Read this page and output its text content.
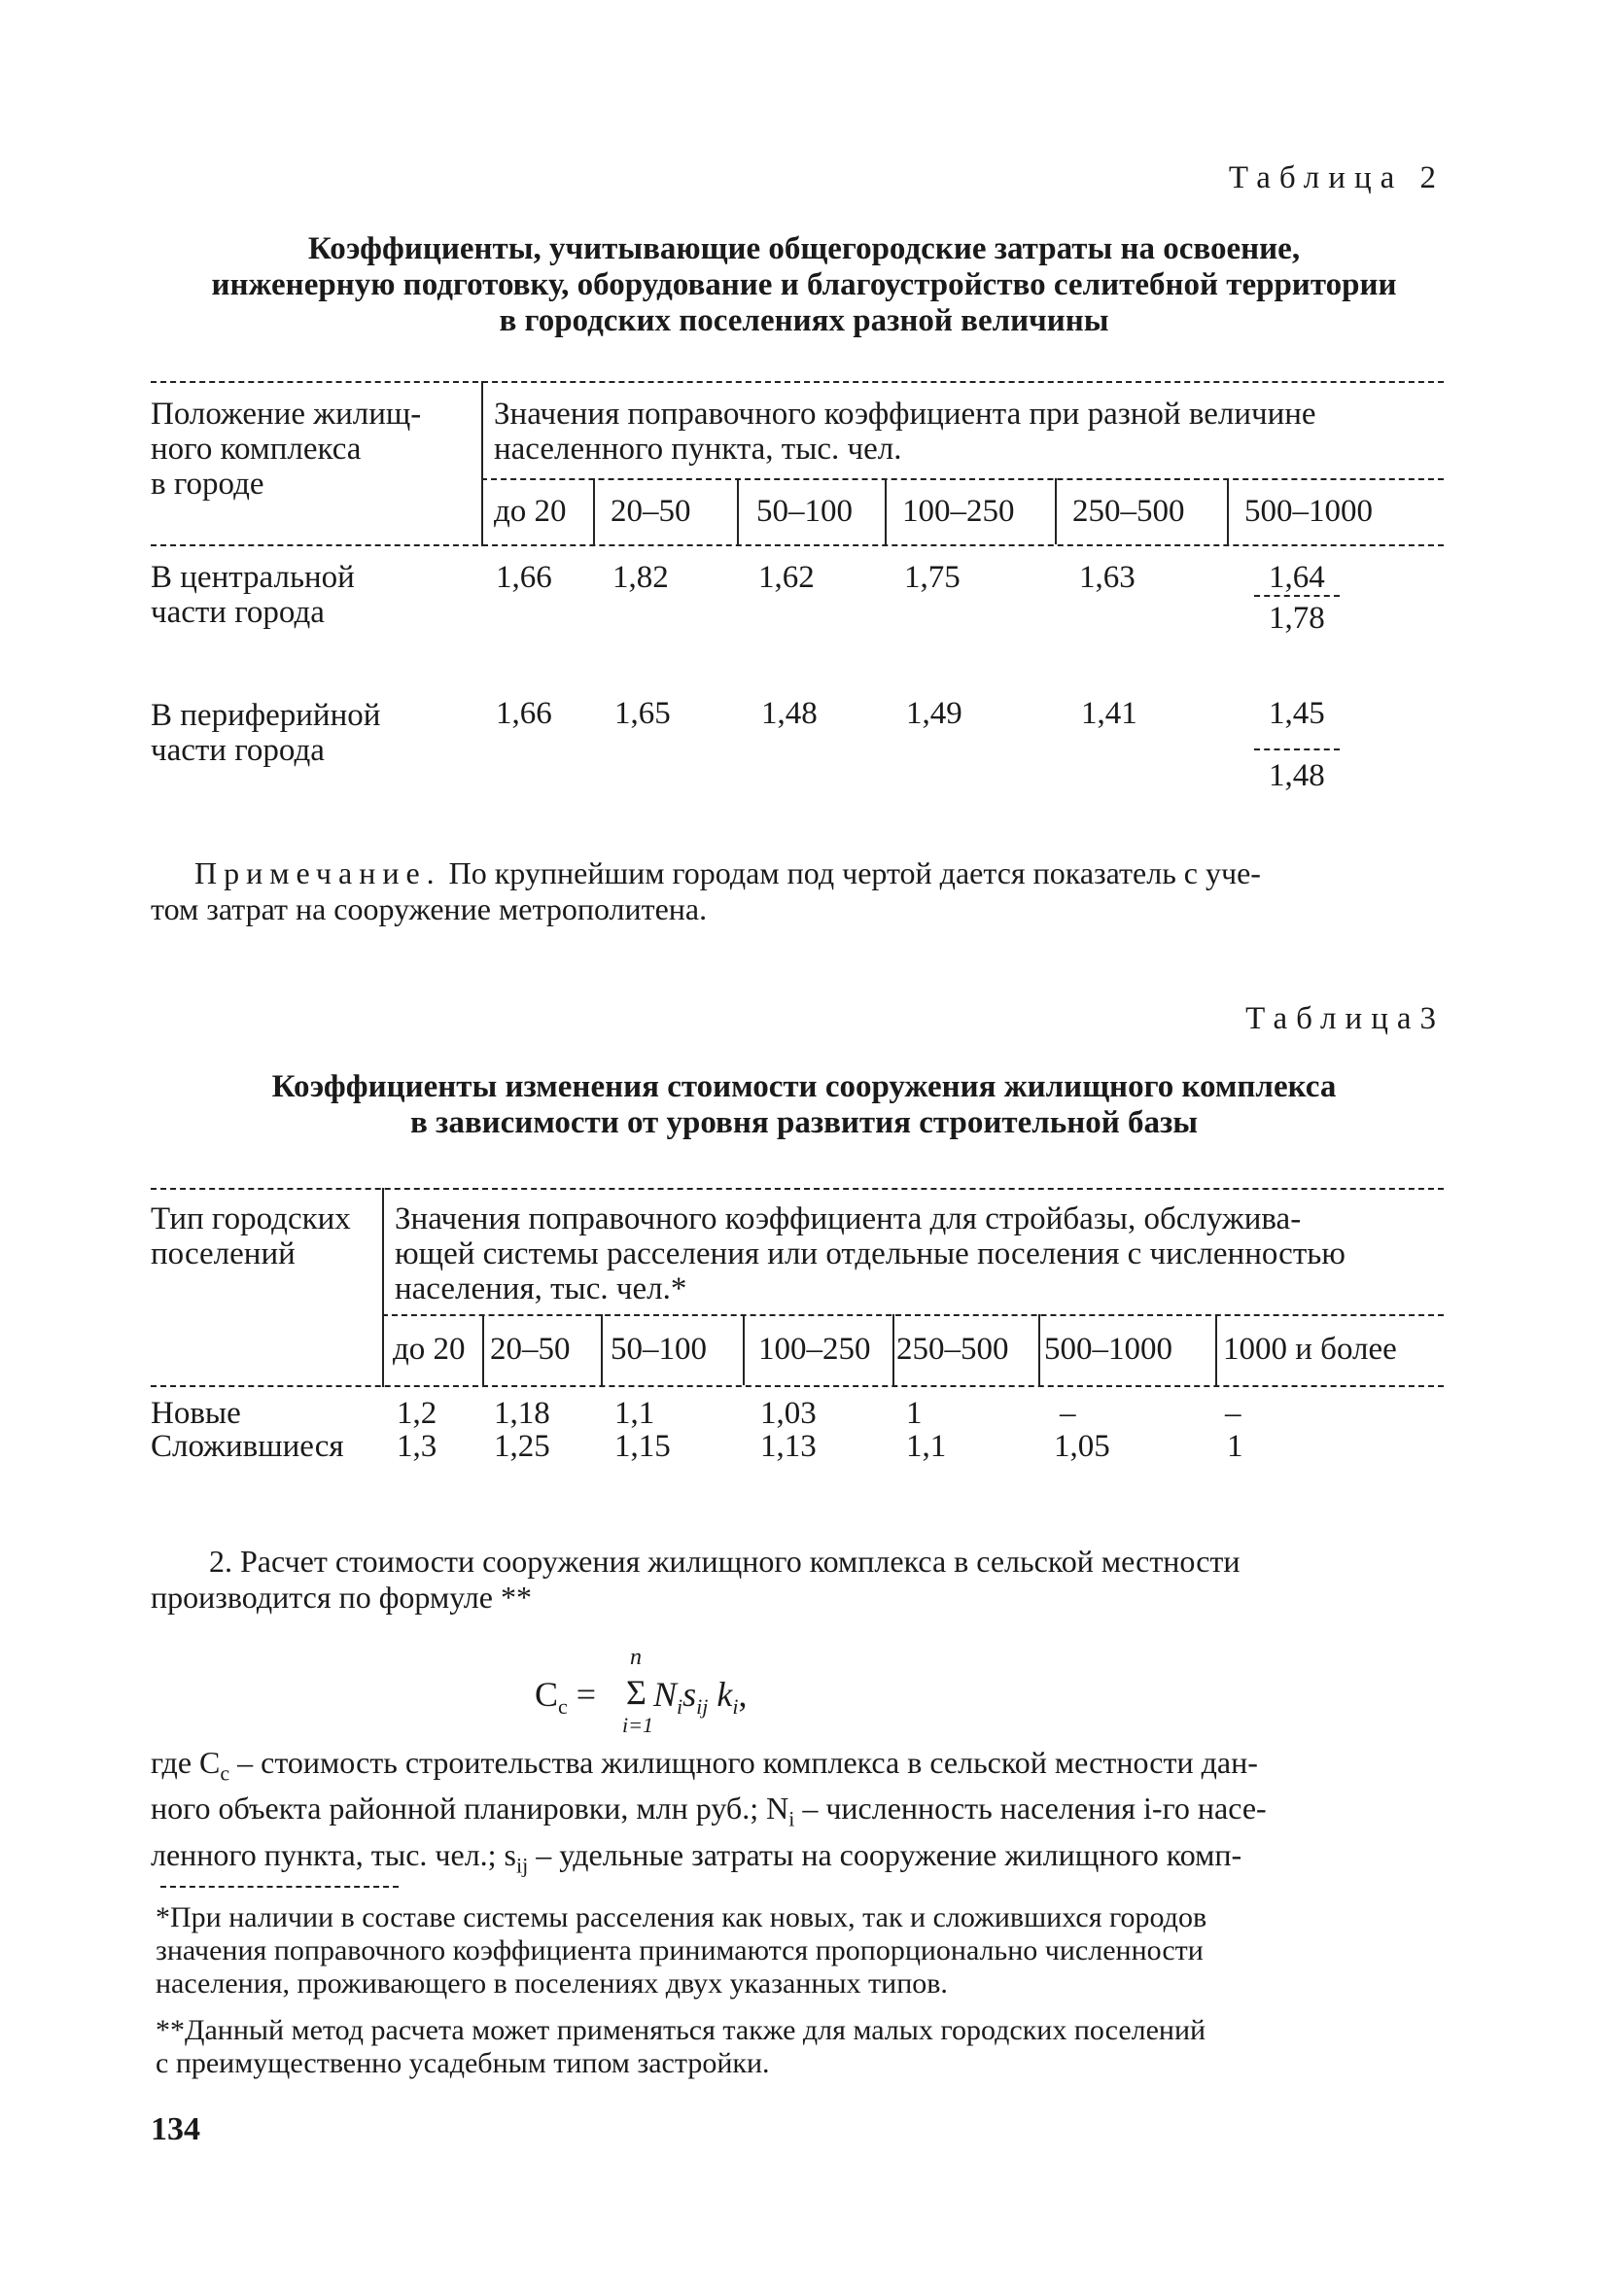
Таблица 2
Коэффициенты, учитывающие общегородские затраты на освоение,
инженерную подготовку, оборудование и благоустройство селитебной территории
в городских поселениях разной величины
Положение жилищ-
ного комплекса
в городе
Значения поправочного коэффициента при разной величине
населенного пункта, тыс. чел.
до 20 20–50 50–100 100–250 250–500 500–1000
В центральной
части города
1,66 1,82	1,62	1,75	1,63	1,64
1,78
В периферийной
части города
1,66 1,65	1,48	1,49	1,41	1,45
1,48
Примечание. По крупнейшим городам под чертой дается показатель с уче-
том затрат на сооружение метрополитена.
Таблица3
Коэффициенты изменения стоимости сооружения жилищного комплекса
в зависимости от уровня развития строительной базы
Тип городских
поселений
Значения поправочного коэффициента для стройбазы, обслужива-
ющей системы расселения или отдельные поселения с численностью
населения, тыс. чел.*
до 20 20–50 50–100 100–250 250–500 500–1000 1000 и более
Новые	1,2 1,18 1,1	1,03	1	–	–
Сложившиеся 1,3 1,25 1,15	1,13	1,1	1,05	1
2. Расчет стоимости сооружения жилищного комплекса в сельской местности
производится по формуле **
$C_c$ =
n
Σ
i=1
$N_is_{ij}$ $k_i$,
где $C_с$ – стоимость строительства жилищного комплекса в сельской местности дан-
ного объекта районной планировки, млн руб.; $N_i$ – численность населения i-го насе-
ленного пункта, тыс. чел.; $s_{ij}$ – удельные затраты на сооружение жилищного комп-
*При наличии в составе системы расселения как новых, так и сложившихся городов
значения поправочного коэффициента принимаются пропорционально численности
населения, проживающего в поселениях двух указанных типов.
**Данный метод расчета может применяться также для малых городских поселений
с преимущественно усадебным типом застройки.
134
